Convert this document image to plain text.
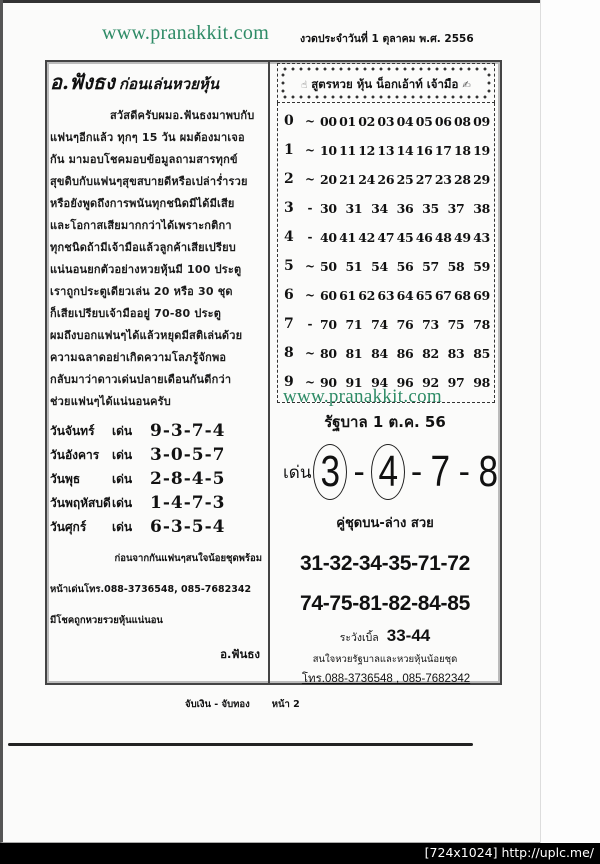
www.pranakkit.com	งวดประจำวันที่ 1 ตุลาคม พ.ศ. 2556
อ.ฟังธง ก่อนเล่นหวยหุ้น

สวัสดีครับผมอ.ฟันธงมาพบกับ

แฟนๆอีกแล้ว ทุกๆ 15 วัน ผมต้องมาเจอ

กัน มามอบโชคมอบข้อมูลถามสารทุกข์

สุขดิบกับแฟนๆสุขสบายดีหรือเปล่าร่ำรวย

หรือยังพูดถึงการพนันทุกชนิดมีได้มีเสีย

และโอกาสเสียมากกว่าได้เพราะกติกา

ทุกชนิดถ้ามีเจ้ามือแล้วลูกค้าเสียเปรียบ

แน่นอนยกตัวอย่างหวยหุ้นมี 100 ประตู

เราถูกประตูเดียวเล่น 20 หรือ 30 ชุด

ก็เสียเปรียบเจ้ามืออยู่ 70-80 ประตู

ผมถึงบอกแฟนๆได้แล้วหยุดมีสติเล่นด้วย

ความฉลาดอย่าเกิดความโลภรู้จักพอ

กลับมาว่าดาวเด่นปลายเดือนกันดีกว่า

ช่วยแฟนๆได้แน่นอนครับ

วันจันทร์	เด่น	9-3-7-4
วันอังคาร	เด่น	3-0-5-7
วันพุธ	เด่น	2-8-4-5
วันพฤหัสบดี เด่น	1-4-7-3
วันศุกร์	เด่น	6-3-5-4
ก่อนจากกันแฟนๆสนใจน้อยชุดพร้อม
หน้าเด่นโทร.088-3736548, 085-7682342
มีโชคถูกหวยรวยหุ้นแน่นอน
อ.ฟันธง
☝ สูตรหวย หุ้น น็อกเอ้าท์ เจ้ามือ ✍
0 ~ 00 01 02 03 04 05 06 08 09
1 ~ 10 11 12 13 14 16 17 18 19
2 ~ 20 21 24 26 25 27 23 28 29
3	- 30 31 34 36 35 37 38
4	- 40 41 42 47 45 46 48 49 43
5 ~ 50 51 54 56 57 58 59
6 ~ 60 61 62 63 64 65 67 68 69
7	- 70 71 74 76 73 75 78
8 ~ 80 81 84 86 82 83 85
9 ~ 90 91 94 96 92 97 98
www.pranakkit.com
รัฐบาล 1 ต.ค. 56
เด่น 3 - 4 - 7 - 8
คู่ชุดบน-ล่าง สวย
31-32-34-35-71-72
74-75-81-82-84-85
ระวังเบิ้ล 33-44
สนใจหวยรัฐบาลและหวยหุ้นน้อยชุด
โทร.088-3736548 , 085-7682342
จับเงิน - จับทอง หน้า 2
[724x1024] http://uplc.me/
